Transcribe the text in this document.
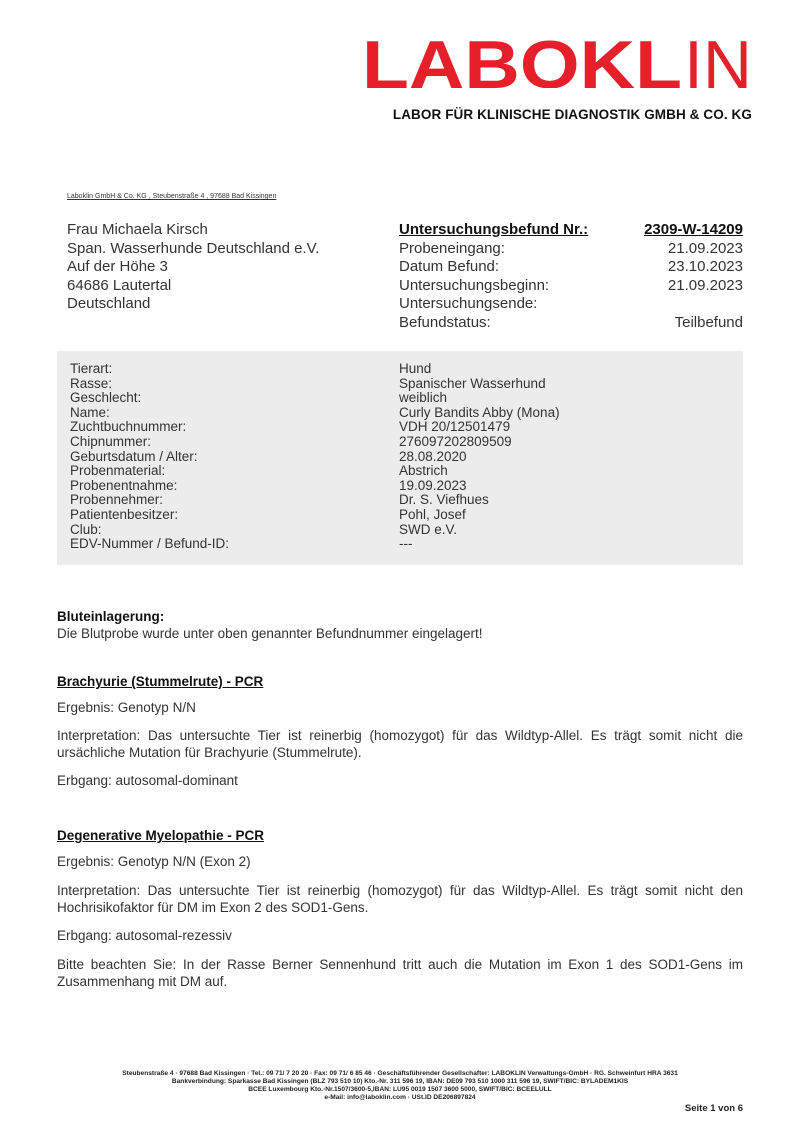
LABOKL IN
LABOR FÜR KLINISCHE DIAGNOSTIK GMBH & CO. KG
Laboklin GmbH & Co. KG , Steubenstraße 4 , 97688 Bad Kissingen
Frau Michaela Kirsch
Span. Wasserhunde Deutschland e.V.
Auf der Höhe 3
64686 Lautertal
Deutschland
Untersuchungsbefund Nr.:	2309-W-14209
Probeneingang:	21.09.2023
Datum Befund:	23.10.2023
Untersuchungsbeginn:	21.09.2023
Untersuchungsende:
Befundstatus:	Teilbefund
Tierart:	Hund
Rasse:	Spanischer Wasserhund
Geschlecht:	weiblich
Name:	Curly Bandits Abby (Mona)
Zuchtbuchnummer:	VDH 20/12501479
Chipnummer:	276097202809509
Geburtsdatum / Alter:	28.08.2020
Probenmaterial:	Abstrich
Probenentnahme:	19.09.2023
Probennehmer:	Dr. S. Viefhues
Patientenbesitzer:	Pohl, Josef
Club:	SWD e.V.
EDV-Nummer / Befund-ID:	---
Bluteinlagerung:
Die Blutprobe wurde unter oben genannter Befundnummer eingelagert!
Brachyurie (Stummelrute) - PCR
Ergebnis: Genotyp N/N
Interpretation: Das untersuchte Tier ist reinerbig (homozygot) für das Wildtyp-Allel. Es trägt somit nicht die ursächliche Mutation für Brachyurie (Stummelrute).
Erbgang: autosomal-dominant
Degenerative Myelopathie - PCR
Ergebnis: Genotyp N/N (Exon 2)
Interpretation: Das untersuchte Tier ist reinerbig (homozygot) für das Wildtyp-Allel. Es trägt somit nicht den Hochrisikofaktor für DM im Exon 2 des SOD1-Gens.
Erbgang: autosomal-rezessiv
Bitte beachten Sie: In der Rasse Berner Sennenhund tritt auch die Mutation im Exon 1 des SOD1-Gens im Zusammenhang mit DM auf.
Steubenstraße 4 · 97688 Bad Kissingen · Tel.: 09 71/ 7 20 20 · Fax: 09 71/ 6 85 46 · Geschäftsführender Gesellschafter: LABOKLIN Verwaltungs-GmbH · RG. Schweinfurt HRA 3631
Bankverbindung: Sparkasse Bad Kissingen (BLZ 793 510 10) Kto.-Nr. 311 596 19, IBAN: DE09 793 510 1000 311 596 19, SWIFT/BIC: BYLADEM1KIS
BCEE Luxembourg Kto.-Nr.1507/3600-5,IBAN: LU95 0019 1507 3600 5000, SWIFT/BIC: BCEELULL
e-Mail: info@laboklin.com · USt.ID DE206897824
Seite 1 von 6
